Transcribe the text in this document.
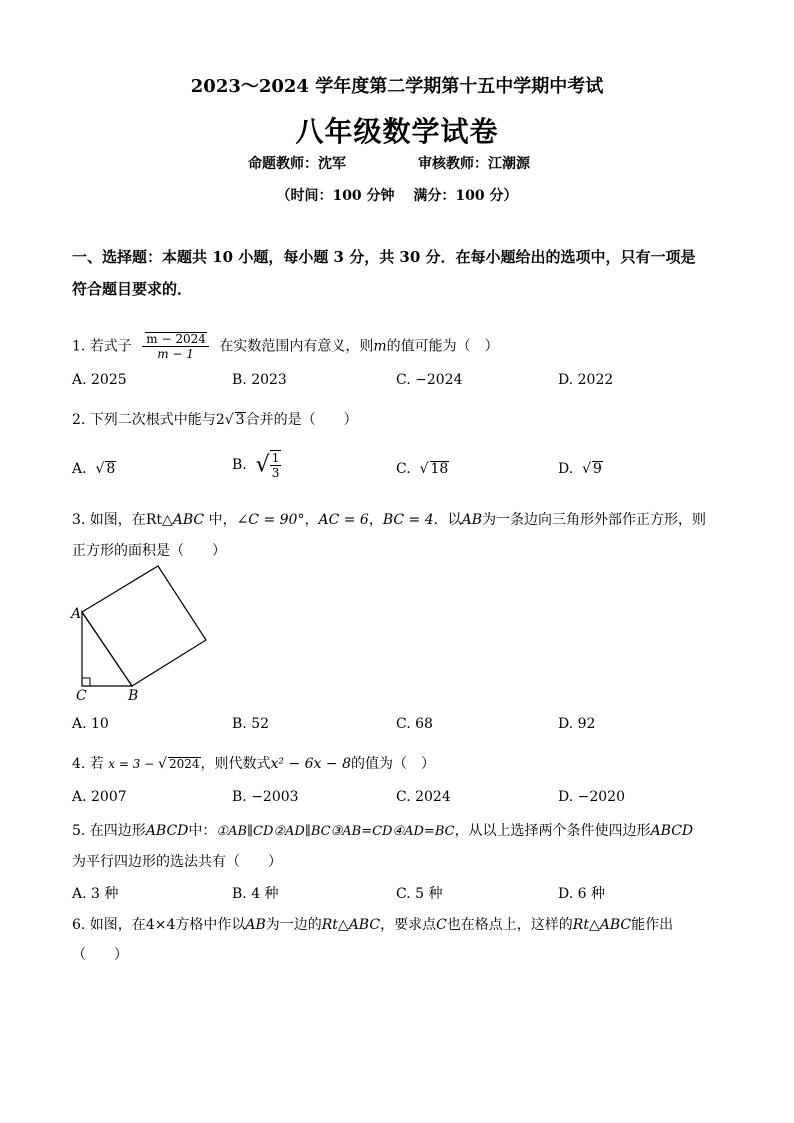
2023～2024 学年度第二学期第十五中学期中考试
八年级数学试卷
命题教师：沈军	审核教师：江潮源
（时间：100 分钟　 满分：100 分）
一、选择题：本题共 10 小题，每小题 3 分，共 30 分．在每小题给出的选项中，只有一项是
符合题目要求的．
1. 若式子 $\frac{m - 2024}{m - 1}$ 在实数范围内有意义，则m的值可能为（　）
A. 2025	B. 2023	C. −2024	D. 2022
2. 下列二次根式中能与2√ 3合并的是（　　）
A.  √ 8	B. √ $\frac{1}{3}$	C.  √ 18	D.  √ 9
3. 如图，在Rt△ABC 中，∠C = 90°，AC = 6，BC = 4．以AB为一条边向三角形外部作正方形，则
正方形的面积是（　　）
A
C	B
A. 10	B. 52	C. 68	D. 92
4. 若 x = 3 − √ 2024，则代数式x² − 6x − 8的值为（　）
A. 2007	B. −2003	C. 2024	D. −2020
5. 在四边形ABCD中：①AB∥CD②AD∥BC③AB=CD④AD=BC，从以上选择两个条件使四边形ABCD
为平行四边形的选法共有（　　）
A. 3 种	B. 4 种	C. 5 种	D. 6 种
6. 如图，在4×4方格中作以AB为一边的Rt△ABC，要求点C也在格点上，这样的Rt△ABC能作出
（　　）
